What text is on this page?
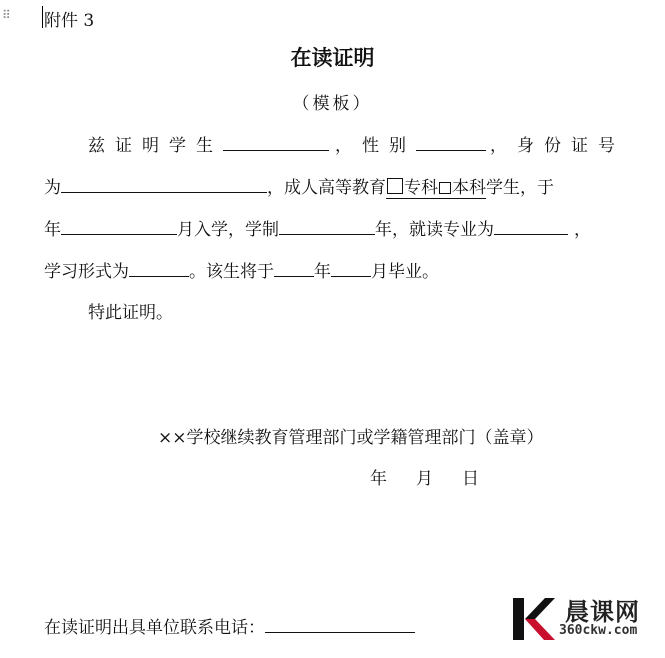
⠿ 附件 3
在读证明
（模板）
兹证明学生	，性别	，身份证号
为	，成人高等教育 专科 本科学生，于
年	月入学，学制	年，就读专业为	，
学习形式为	。该生将于 年 月毕业。
特此证明。
××学校继续教育管理部门或学籍管理部门（盖章）
年　月　日
在读证明出具单位联系电话：
晨课网
360ckw.com
